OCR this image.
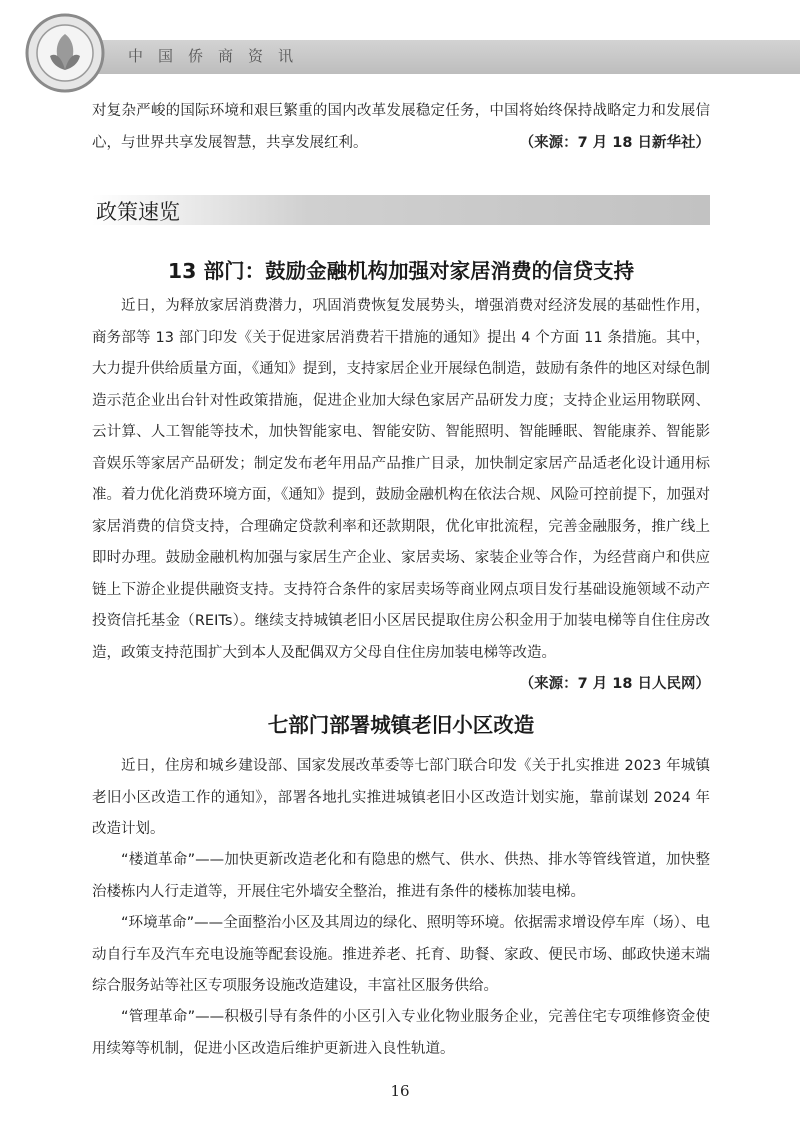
中国侨商资讯

对复杂严峻的国际环境和艰巨繁重的国内改革发展稳定任务，中国将始终保持战略定力和发展信心，与世界共享发展智慧，共享发展红利。	（来源：7 月 18 日新华社）

政策速览
13 部门：鼓励金融机构加强对家居消费的信贷支持

近日，为释放家居消费潜力，巩固消费恢复发展势头，增强消费对经济发展的基础性作用，商务部等 13 部门印发《关于促进家居消费若干措施的通知》提出 4 个方面 11 条措施。其中，大力提升供给质量方面，《通知》提到，支持家居企业开展绿色制造，鼓励有条件的地区对绿色制造示范企业出台针对性政策措施，促进企业加大绿色家居产品研发力度；支持企业运用物联网、云计算、人工智能等技术，加快智能家电、智能安防、智能照明、智能睡眠、智能康养、智能影音娱乐等家居产品研发；制定发布老年用品产品推广目录，加快制定家居产品适老化设计通用标准。着力优化消费环境方面，《通知》提到，鼓励金融机构在依法合规、风险可控前提下，加强对家居消费的信贷支持，合理确定贷款利率和还款期限，优化审批流程，完善金融服务，推广线上即时办理。鼓励金融机构加强与家居生产企业、家居卖场、家装企业等合作，为经营商户和供应链上下游企业提供融资支持。支持符合条件的家居卖场等商业网点项目发行基础设施领域不动产投资信托基金（REITs）。继续支持城镇老旧小区居民提取住房公积金用于加装电梯等自住住房改造，政策支持范围扩大到本人及配偶双方父母自住住房加装电梯等改造。
（来源：7 月 18 日人民网）

七部门部署城镇老旧小区改造

近日，住房和城乡建设部、国家发展改革委等七部门联合印发《关于扎实推进 2023 年城镇老旧小区改造工作的通知》，部署各地扎实推进城镇老旧小区改造计划实施，靠前谋划 2024 年改造计划。

“楼道革命”——加快更新改造老化和有隐患的燃气、供水、供热、排水等管线管道，加快整治楼栋内人行走道等，开展住宅外墙安全整治，推进有条件的楼栋加装电梯。

“环境革命”——全面整治小区及其周边的绿化、照明等环境。依据需求增设停车库（场）、电动自行车及汽车充电设施等配套设施。推进养老、托育、助餐、家政、便民市场、邮政快递末端综合服务站等社区专项服务设施改造建设，丰富社区服务供给。

“管理革命”——积极引导有条件的小区引入专业化物业服务企业，完善住宅专项维修资金使用续筹等机制，促进小区改造后维护更新进入良性轨道。

16
